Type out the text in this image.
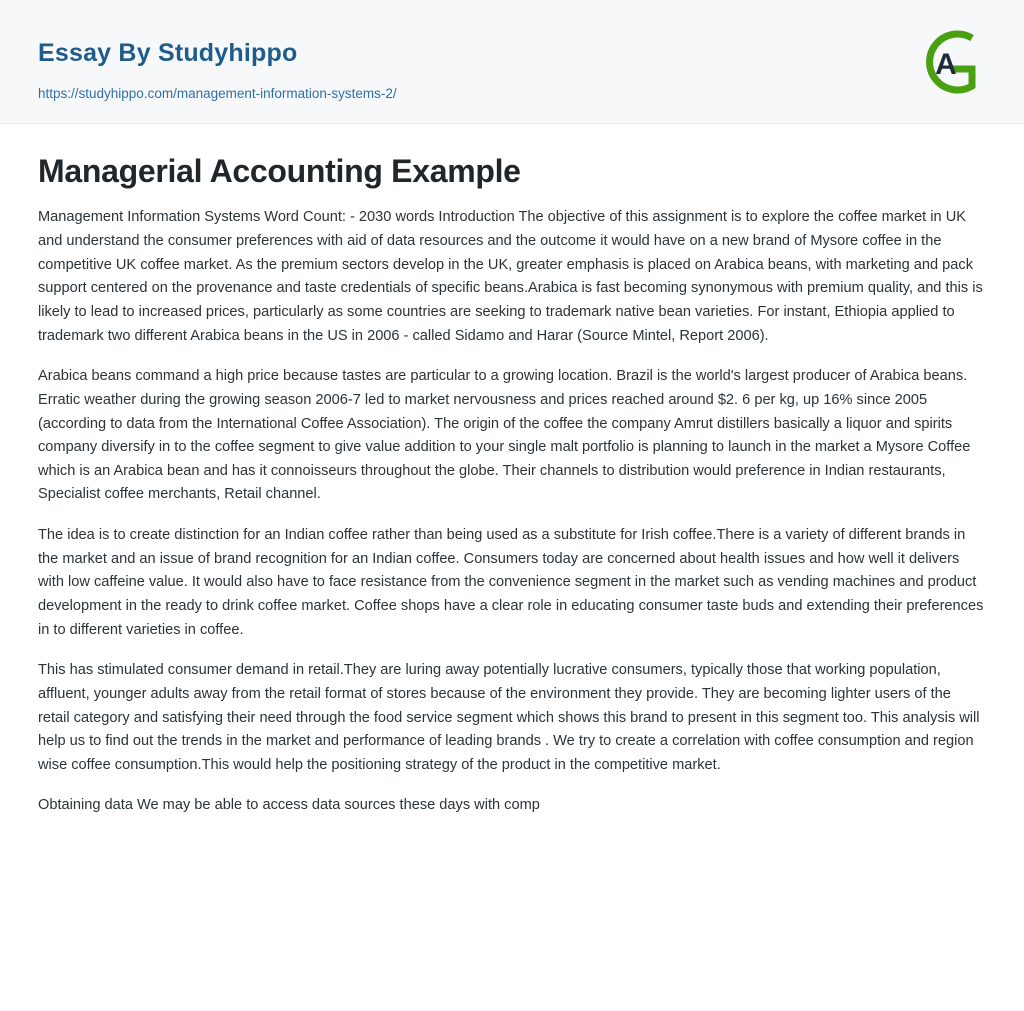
Essay By Studyhippo
https://studyhippo.com/management-information-systems-2/
A
Managerial Accounting Example

Management Information Systems Word Count: - 2030 words Introduction The objective of this assignment is to explore the coffee market in UK and understand the consumer preferences with aid of data resources and the outcome it would have on a new brand of Mysore coffee in the competitive UK coffee market. As the premium sectors develop in the UK, greater emphasis is placed on Arabica beans, with marketing and pack support centered on the provenance and taste credentials of specific beans.Arabica is fast becoming synonymous with premium quality, and this is likely to lead to increased prices, particularly as some countries are seeking to trademark native bean varieties. For instant, Ethiopia applied to trademark two different Arabica beans in the US in 2006 - called Sidamo and Harar (Source Mintel, Report 2006).

Arabica beans command a high price because tastes are particular to a growing location. Brazil is the world's largest producer of Arabica beans. Erratic weather during the growing season 2006-7 led to market nervousness and prices reached around $2. 6 per kg, up 16% since 2005 (according to data from the International Coffee Association). The origin of the coffee the company Amrut distillers basically a liquor and spirits company diversify in to the coffee segment to give value addition to your single malt portfolio is planning to launch in the market a Mysore Coffee which is an Arabica bean and has it connoisseurs throughout the globe. Their channels to distribution would preference in Indian restaurants, Specialist coffee merchants, Retail channel.

The idea is to create distinction for an Indian coffee rather than being used as a substitute for Irish coffee.There is a variety of different brands in the market and an issue of brand recognition for an Indian coffee. Consumers today are concerned about health issues and how well it delivers with low caffeine value. It would also have to face resistance from the convenience segment in the market such as vending machines and product development in the ready to drink coffee market. Coffee shops have a clear role in educating consumer taste buds and extending their preferences in to different varieties in coffee.

This has stimulated consumer demand in retail.They are luring away potentially lucrative consumers, typically those that working population, affluent, younger adults away from the retail format of stores because of the environment they provide. They are becoming lighter users of the retail category and satisfying their need through the food service segment which shows this brand to present in this segment too. This analysis will help us to find out the trends in the market and performance of leading brands . We try to create a correlation with coffee consumption and region wise coffee consumption.This would help the positioning strategy of the product in the competitive market.

Obtaining data We may be able to access data sources these days with comp
